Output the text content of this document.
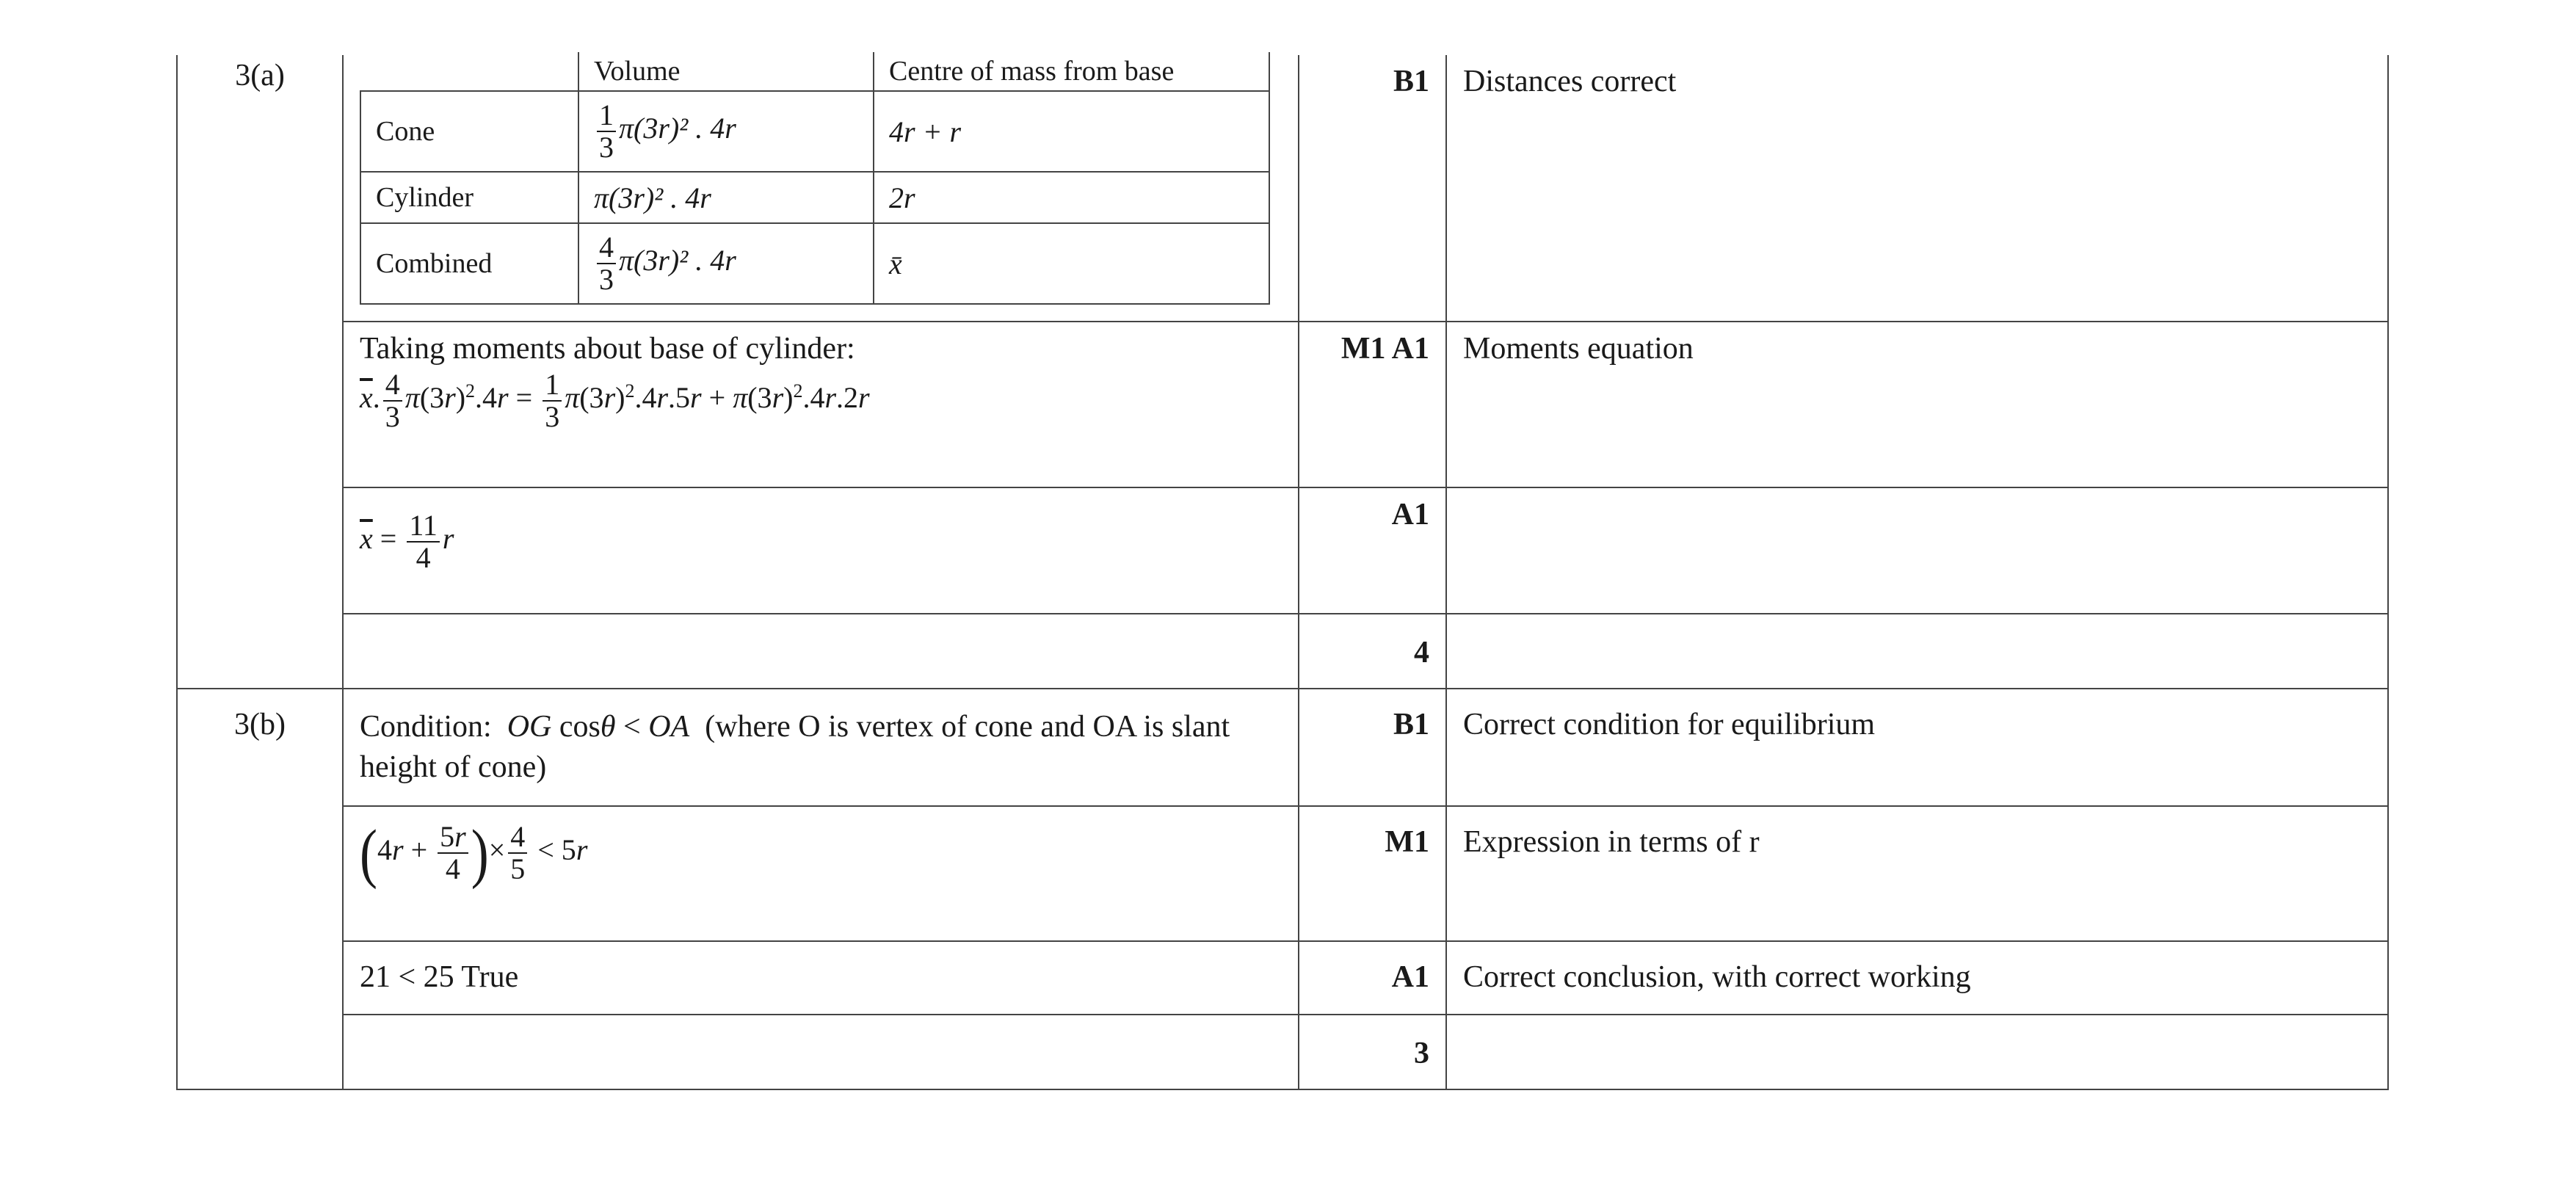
3(a)	
		Volume	Centre of mass from base
Cone	$\frac{1}{3} \pi(3r)^2$ . 4r	4r + r
Cylinder	π(3r)² . 4r	2r
Combined	$\frac{4}{3} \pi(3r)^2$ . 4r	x̄
	B1	Distances correct

Taking moments about base of cylinder:
$\overline{x}$. $\frac{4}{3} \pi(3r)^2.4r = \frac{1}{3} \pi(3r)^2.4r.5r + \pi(3r)^2.4r.2r$
	M1 A1	Moments equation
$\overline{x} = \frac{11}{4}$ r	A1	
	4	
3(b)	Condition: OG cosθ < OA (where O is vertex of cone and OA is slant height of cone)	B1	Correct condition for equilibrium
($4r + \frac{5r}{4}$ )× $\frac{4}{5} < 5r$	M1	Expression in terms of r
21 < 25 True	A1	Correct conclusion, with correct working
	3	
